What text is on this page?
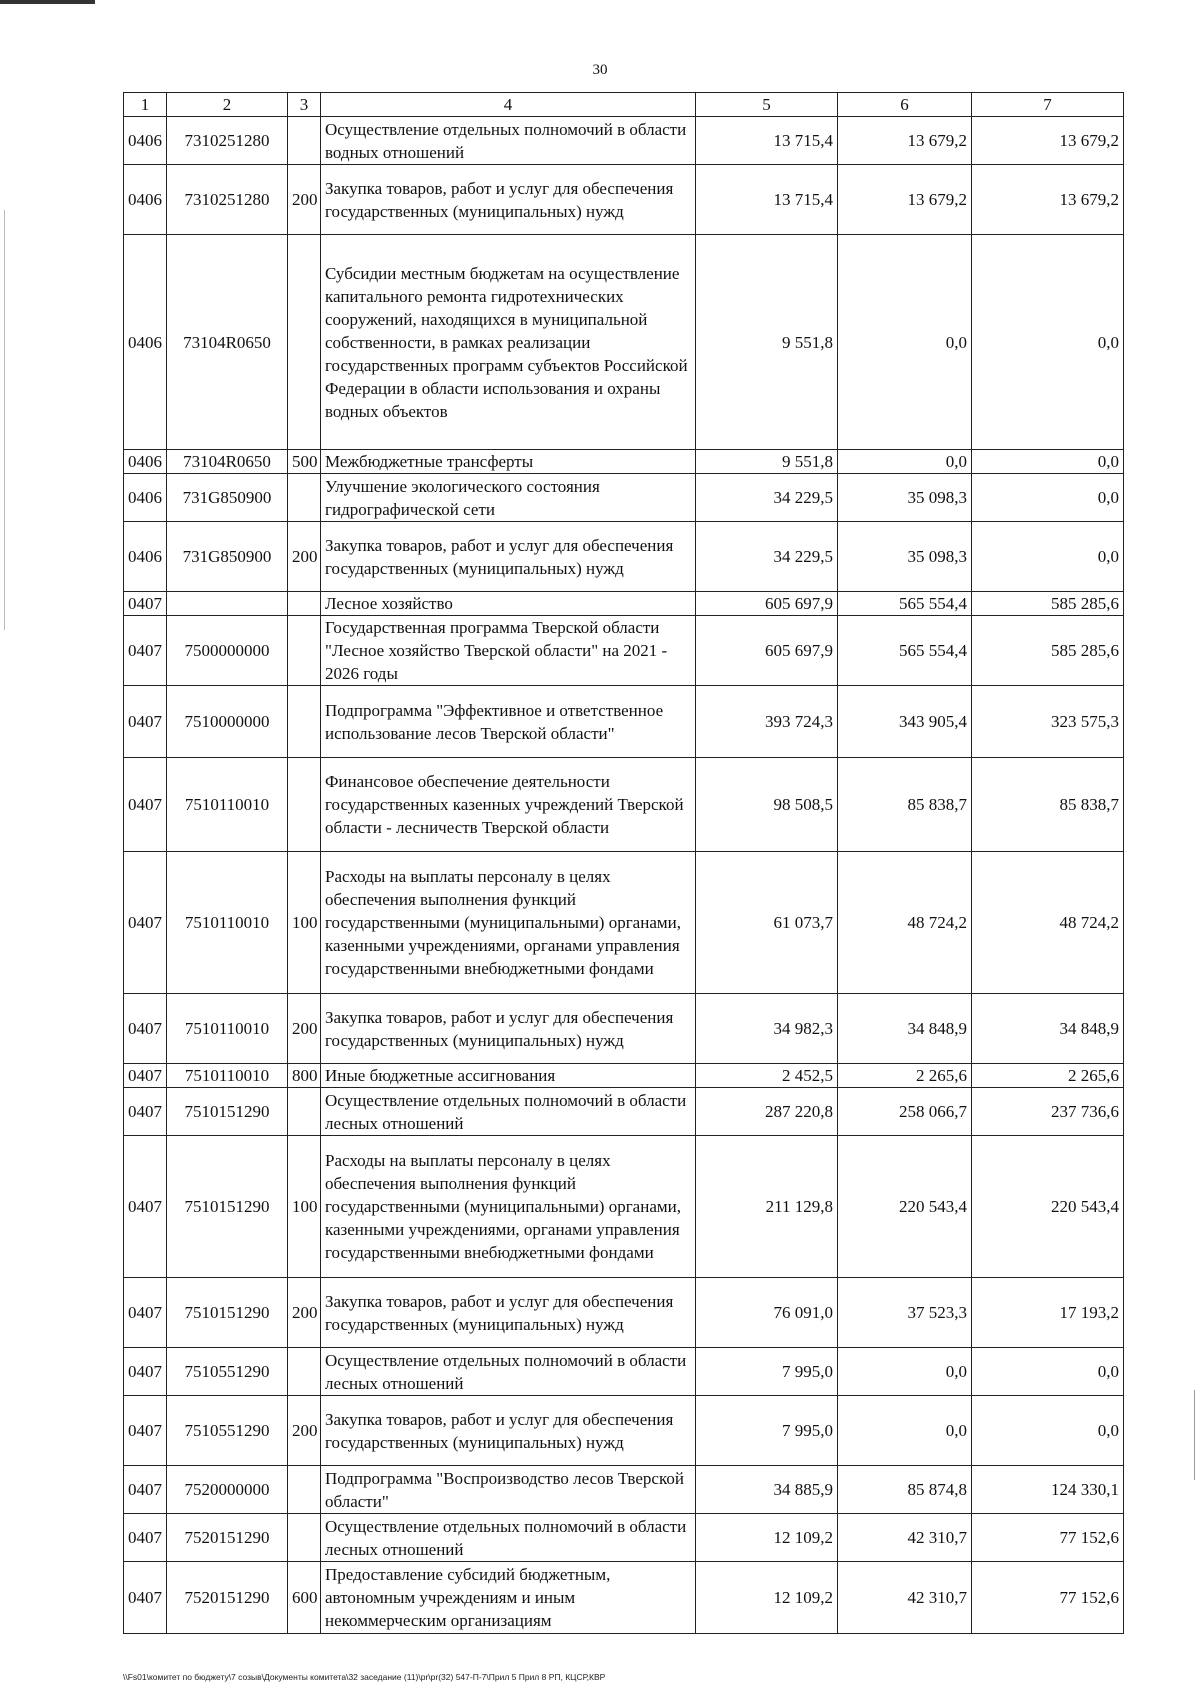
30
1	2	3	4	5	6	7
0406	7310251280		Осуществление отдельных полномочий в области водных отношений	13 715,4	13 679,2	13 679,2
0406	7310251280	200	Закупка товаров, работ и услуг для обеспечения государственных (муниципальных) нужд	13 715,4	13 679,2	13 679,2
0406	73104R0650		Субсидии местным бюджетам на осуществление капитального ремонта гидротехнических сооружений, находящихся в муниципальной собственности, в рамках реализации государственных программ субъектов Российской Федерации в области использования и охраны водных объектов	9 551,8	0,0	0,0
0406	73104R0650	500	Межбюджетные трансферты	9 551,8	0,0	0,0
0406	731G850900		Улучшение экологического состояния гидрографической сети	34 229,5	35 098,3	0,0
0406	731G850900	200	Закупка товаров, работ и услуг для обеспечения государственных (муниципальных) нужд	34 229,5	35 098,3	0,0
0407			Лесное хозяйство	605 697,9	565 554,4	585 285,6
0407	7500000000		Государственная программа Тверской области "Лесное хозяйство Тверской области" на 2021 - 2026 годы	605 697,9	565 554,4	585 285,6
0407	7510000000		Подпрограмма "Эффективное и ответственное использование лесов Тверской области"	393 724,3	343 905,4	323 575,3
0407	7510110010		Финансовое обеспечение деятельности государственных казенных учреждений Тверской области - лесничеств Тверской области	98 508,5	85 838,7	85 838,7
0407	7510110010	100	Расходы на выплаты персоналу в целях обеспечения выполнения функций государственными (муниципальными) органами, казенными учреждениями, органами управления государственными внебюджетными фондами	61 073,7	48 724,2	48 724,2
0407	7510110010	200	Закупка товаров, работ и услуг для обеспечения государственных (муниципальных) нужд	34 982,3	34 848,9	34 848,9
0407	7510110010	800	Иные бюджетные ассигнования	2 452,5	2 265,6	2 265,6
0407	7510151290		Осуществление отдельных полномочий в области лесных отношений	287 220,8	258 066,7	237 736,6
0407	7510151290	100	Расходы на выплаты персоналу в целях обеспечения выполнения функций государственными (муниципальными) органами, казенными учреждениями, органами управления государственными внебюджетными фондами	211 129,8	220 543,4	220 543,4
0407	7510151290	200	Закупка товаров, работ и услуг для обеспечения государственных (муниципальных) нужд	76 091,0	37 523,3	17 193,2
0407	7510551290		Осуществление отдельных полномочий в области лесных отношений	7 995,0	0,0	0,0
0407	7510551290	200	Закупка товаров, работ и услуг для обеспечения государственных (муниципальных) нужд	7 995,0	0,0	0,0
0407	7520000000		Подпрограмма "Воспроизводство лесов Тверской области"	34 885,9	85 874,8	124 330,1
0407	7520151290		Осуществление отдельных полномочий в области лесных отношений	12 109,2	42 310,7	77 152,6
0407	7520151290	600	Предоставление субсидий бюджетным, автономным учреждениям и иным некоммерческим организациям	12 109,2	42 310,7	77 152,6
\\Fs01\комитет по бюджету\7 созыв\Документы комитета\32 заседание (11)\pr\pr(32) 547-П-7\Прил 5 Прил 8 РП, КЦСР,КВР
